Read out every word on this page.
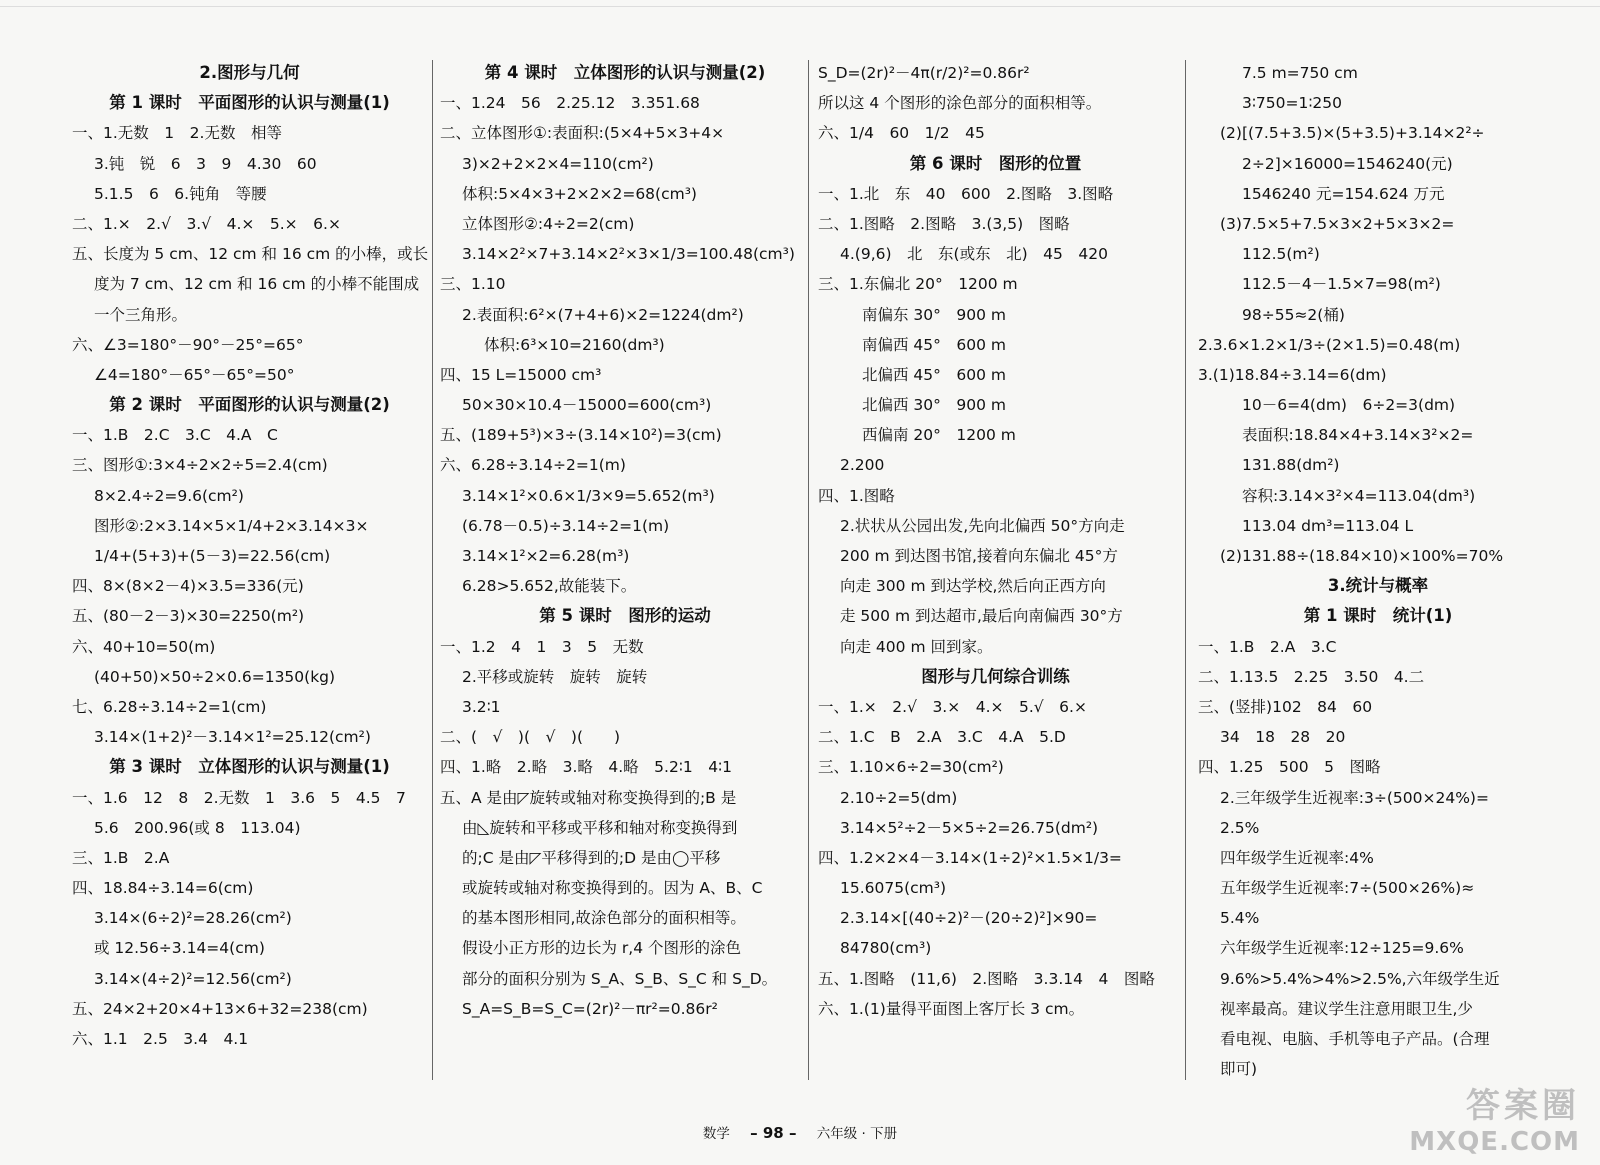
2.图形与几何
第 1 课时　平面图形的认识与测量(1)
一、1.无数　1　2.无数　相等
3.钝　锐　6　3　9　4.30　60
5.1.5　6　6.钝角　等腰
二、1.×　2.√　3.√　4.×　5.×　6.×
五、长度为 5 cm、12 cm 和 16 cm 的小棒，或长
度为 7 cm、12 cm 和 16 cm 的小棒不能围成
一个三角形。
六、∠3=180°－90°－25°=65°
∠4=180°－65°－65°=50°
第 2 课时　平面图形的认识与测量(2)
一、1.B　2.C　3.C　4.A　C
三、图形①:3×4÷2×2÷5=2.4(cm)
8×2.4÷2=9.6(cm²)
图形②:2×3.14×5×1/4+2×3.14×3×
1/4+(5+3)+(5－3)=22.56(cm)
四、8×(8×2－4)×3.5=336(元)
五、(80－2－3)×30=2250(m²)
六、40+10=50(m)
(40+50)×50÷2×0.6=1350(kg)
七、6.28÷3.14÷2=1(cm)
3.14×(1+2)²－3.14×1²=25.12(cm²)
第 3 课时　立体图形的认识与测量(1)
一、1.6　12　8　2.无数　1　3.6　5　4.5　7
5.6　200.96(或 8　113.04)
三、1.B　2.A
四、18.84÷3.14=6(cm)
3.14×(6÷2)²=28.26(cm²)
或 12.56÷3.14=4(cm)
3.14×(4÷2)²=12.56(cm²)
五、24×2+20×4+13×6+32=238(cm)
六、1.1　2.5　3.4　4.1
第 4 课时　立体图形的认识与测量(2)
一、1.24　56　2.25.12　3.351.68
二、立体图形①:表面积:(5×4+5×3+4×
3)×2+2×2×4=110(cm²)
体积:5×4×3+2×2×2=68(cm³)
立体图形②:4÷2=2(cm)
3.14×2²×7+3.14×2²×3×1/3=100.48(cm³)
三、1.10
2.表面积:6²×(7+4+6)×2=1224(dm²)
体积:6³×10=2160(dm³)
四、15 L=15000 cm³
50×30×10.4－15000=600(cm³)
五、(189+5³)×3÷(3.14×10²)=3(cm)
六、6.28÷3.14÷2=1(m)
3.14×1²×0.6×1/3×9=5.652(m³)
(6.78－0.5)÷3.14÷2=1(m)
3.14×1²×2=6.28(m³)
6.28>5.652,故能装下。
第 5 课时　图形的运动
一、1.2　4　1　3　5　无数
2.平移或旋转　旋转　旋转
3.2∶1
二、(　√　)(　√　)(　　)
四、1.略　2.略　3.略　4.略　5.2∶1　4∶1
五、A 是由◸旋转或轴对称变换得到的;B 是
由◺旋转和平移或平移和轴对称变换得到
的;C 是由◸平移得到的;D 是由◯平移
或旋转或轴对称变换得到的。因为 A、B、C
的基本图形相同,故涂色部分的面积相等。
假设小正方形的边长为 r,4 个图形的涂色
部分的面积分别为 S_A、S_B、S_C 和 S_D。
S_A=S_B=S_C=(2r)²－πr²=0.86r²
S_D=(2r)²－4π(r/2)²=0.86r²
所以这 4 个图形的涂色部分的面积相等。
六、1/4　60　1/2　45
第 6 课时　图形的位置
一、1.北　东　40　600　2.图略　3.图略
二、1.图略　2.图略　3.(3,5)　图略
4.(9,6)　北　东(或东　北)　45　420
三、1.东偏北 20°　1200 m
南偏东 30°　900 m
南偏西 45°　600 m
北偏西 45°　600 m
北偏西 30°　900 m
西偏南 20°　1200 m
2.200
四、1.图略
2.状状从公园出发,先向北偏西 50°方向走
200 m 到达图书馆,接着向东偏北 45°方
向走 300 m 到达学校,然后向正西方向
走 500 m 到达超市,最后向南偏西 30°方
向走 400 m 回到家。
图形与几何综合训练
一、1.×　2.√　3.×　4.×　5.√　6.×
二、1.C　B　2.A　3.C　4.A　5.D
三、1.10×6÷2=30(cm²)
2.10÷2=5(dm)
3.14×5²÷2－5×5÷2=26.75(dm²)
四、1.2×2×4－3.14×(1÷2)²×1.5×1/3=
15.6075(cm³)
2.3.14×[(40÷2)²－(20÷2)²]×90=
84780(cm³)
五、1.图略　(11,6)　2.图略　3.3.14　4　图略
六、1.(1)量得平面图上客厅长 3 cm。
7.5 m=750 cm
3∶750=1∶250
(2)[(7.5+3.5)×(5+3.5)+3.14×2²÷
2÷2]×16000=1546240(元)
1546240 元=154.624 万元
(3)7.5×5+7.5×3×2+5×3×2=
112.5(m²)
112.5－4－1.5×7=98(m²)
98÷55≈2(桶)
2.3.6×1.2×1/3÷(2×1.5)=0.48(m)
3.(1)18.84÷3.14=6(dm)
10－6=4(dm)　6÷2=3(dm)
表面积:18.84×4+3.14×3²×2=
131.88(dm²)
容积:3.14×3²×4=113.04(dm³)
113.04 dm³=113.04 L
(2)131.88÷(18.84×10)×100%=70%
3.统计与概率
第 1 课时　统计(1)
一、1.B　2.A　3.C
二、1.13.5　2.25　3.50　4.二
三、(竖排)102　84　60
34　18　28　20
四、1.25　500　5　图略
2.三年级学生近视率:3÷(500×24%)=
2.5%
四年级学生近视率:4%
五年级学生近视率:7÷(500×26%)≈
5.4%
六年级学生近视率:12÷125=9.6%
9.6%>5.4%>4%>2.5%,六年级学生近
视率最高。建议学生注意用眼卫生,少
看电视、电脑、手机等电子产品。(合理
即可)
数学 – 98 – 六年级 · 下册
答案圈
MXQE.COM
